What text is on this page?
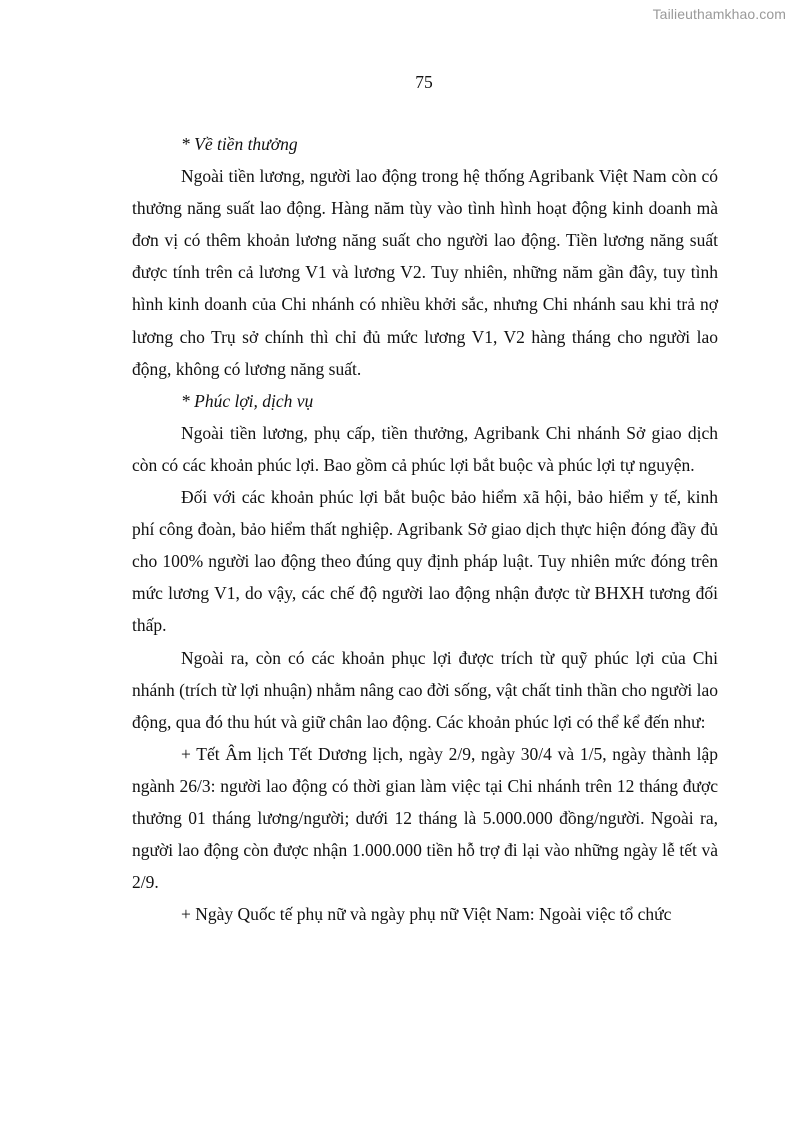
Tailieuthamkhao.com
75

* Về tiền thưởng

Ngoài tiền lương, người lao động trong hệ thống Agribank Việt Nam còn có thưởng năng suất lao động. Hàng năm tùy vào tình hình hoạt động kinh doanh mà đơn vị có thêm khoản lương năng suất cho người lao động. Tiền lương năng suất được tính trên cả lương V1 và lương V2. Tuy nhiên, những năm gần đây, tuy tình hình kinh doanh của Chi nhánh có nhiều khởi sắc, nhưng Chi nhánh sau khi trả nợ lương cho Trụ sở chính thì chỉ đủ mức lương V1, V2 hàng tháng cho người lao động, không có lương năng suất.

* Phúc lợi, dịch vụ

Ngoài tiền lương, phụ cấp, tiền thưởng, Agribank Chi nhánh Sở giao dịch còn có các khoản phúc lợi. Bao gồm cả phúc lợi bắt buộc và phúc lợi tự nguyện.

Đối với các khoản phúc lợi bắt buộc bảo hiểm xã hội, bảo hiểm y tế, kinh phí công đoàn, bảo hiểm thất nghiệp. Agribank Sở giao dịch thực hiện đóng đầy đủ cho 100% người lao động theo đúng quy định pháp luật. Tuy nhiên mức đóng trên mức lương V1, do vậy, các chế độ người lao động nhận được từ BHXH tương đối thấp.

Ngoài ra, còn có các khoản phục lợi được trích từ quỹ phúc lợi của Chi nhánh (trích từ lợi nhuận) nhằm nâng cao đời sống, vật chất tinh thần cho người lao động, qua đó thu hút và giữ chân lao động. Các khoản phúc lợi có thể kể đến như:

+ Tết Âm lịch Tết Dương lịch, ngày 2/9, ngày 30/4 và 1/5, ngày thành lập ngành 26/3: người lao động có thời gian làm việc tại Chi nhánh trên 12 tháng được thưởng 01 tháng lương/người; dưới 12 tháng là 5.000.000 đồng/người. Ngoài ra, người lao động còn được nhận 1.000.000 tiền hỗ trợ đi lại vào những ngày lễ tết và 2/9.

+ Ngày Quốc tế phụ nữ và ngày phụ nữ Việt Nam: Ngoài việc tổ chức
